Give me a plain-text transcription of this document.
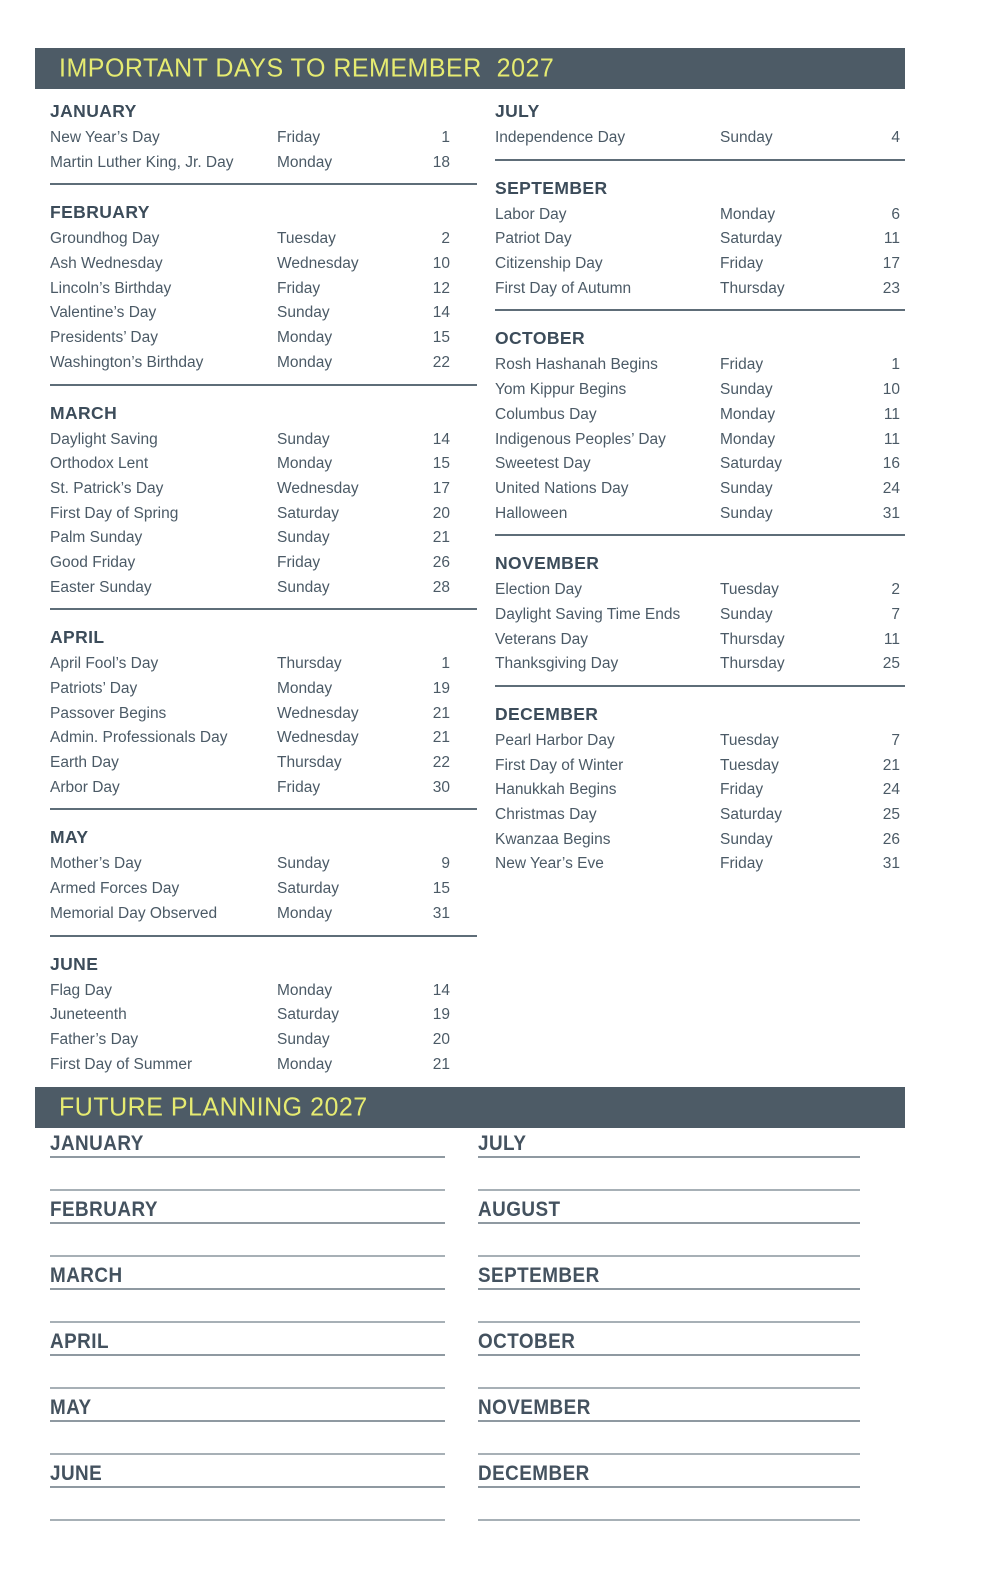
IMPORTANT DAYS TO REMEMBER  2027
JANUARY
New Year’s Day	Friday	1
Martin Luther King, Jr. Day	Monday	18
FEBRUARY
Groundhog Day	Tuesday	2
Ash Wednesday	Wednesday	10
Lincoln’s Birthday	Friday	12
Valentine’s Day	Sunday	14
Presidents’ Day	Monday	15
Washington’s Birthday	Monday	22
MARCH
Daylight Saving	Sunday	14
Orthodox Lent	Monday	15
St. Patrick’s Day	Wednesday	17
First Day of Spring	Saturday	20
Palm Sunday	Sunday	21
Good Friday	Friday	26
Easter Sunday	Sunday	28
APRIL
April Fool’s Day	Thursday	1
Patriots’ Day	Monday	19
Passover Begins	Wednesday	21
Admin. Professionals Day	Wednesday	21
Earth Day	Thursday	22
Arbor Day	Friday	30
MAY
Mother’s Day	Sunday	9
Armed Forces Day	Saturday	15
Memorial Day Observed	Monday	31
JUNE
Flag Day	Monday	14
Juneteenth	Saturday	19
Father’s Day	Sunday	20
First Day of Summer	Monday	21
JULY
Independence Day	Sunday	4
SEPTEMBER
Labor Day	Monday	6
Patriot Day	Saturday	11
Citizenship Day	Friday	17
First Day of Autumn	Thursday	23
OCTOBER
Rosh Hashanah Begins	Friday	1
Yom Kippur Begins	Sunday	10
Columbus Day	Monday	11
Indigenous Peoples’ Day	Monday	11
Sweetest Day	Saturday	16
United Nations Day	Sunday	24
Halloween	Sunday	31
NOVEMBER
Election Day	Tuesday	2
Daylight Saving Time Ends	Sunday	7
Veterans Day	Thursday	11
Thanksgiving Day	Thursday	25
DECEMBER
Pearl Harbor Day	Tuesday	7
First Day of Winter	Tuesday	21
Hanukkah Begins	Friday	24
Christmas Day	Saturday	25
Kwanzaa Begins	Sunday	26
New Year’s Eve	Friday	31
FUTURE PLANNING 2027
JANUARY
FEBRUARY
MARCH
APRIL
MAY
JUNE
JULY
AUGUST
SEPTEMBER
OCTOBER
NOVEMBER
DECEMBER
